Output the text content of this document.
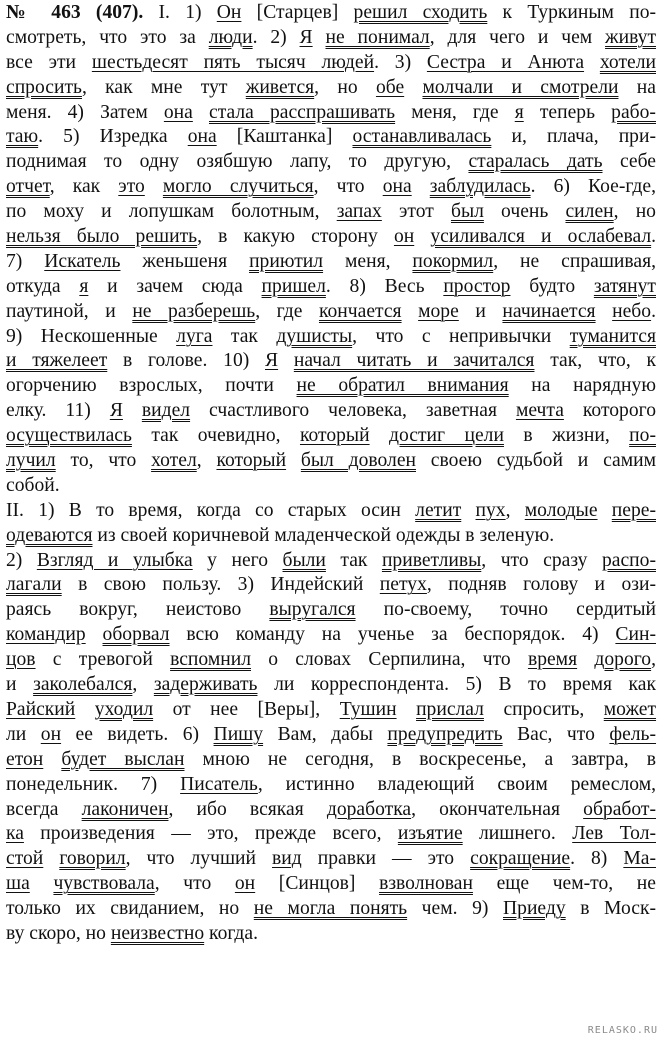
№ 463 (407). I. 1) Он [Старцев] решил сходить к Туркиным по-
смотреть, что это за люди. 2) Я не понимал, для чего и чем живут
все эти шестьдесят пять тысяч людей. 3) Сестра и Анюта хотели
спросить, как мне тут живется, но обе молчали и смотрели на
меня. 4) Затем она стала расспрашивать меня, где я теперь рабо-
таю. 5) Изредка она [Каштанка] останавливалась и, плача, при-
поднимая то одну озябшую лапу, то другую, старалась дать себе
отчет, как это могло случиться, что она заблудилась. 6) Кое-где,
по моху и лопушкам болотным, запах этот был очень силен, но
нельзя было решить, в какую сторону он усиливался и ослабевал.
7) Искатель женьшеня приютил меня, покормил, не спрашивая,
откуда я и зачем сюда пришел. 8) Весь простор будто затянут
паутиной, и не разберешь, где кончается море и начинается небо.
9) Нескошенные луга так душисты, что с непривычки туманится
и тяжелеет в голове. 10) Я начал читать и зачитался так, что, к
огорчению взрослых, почти не обратил внимания на нарядную
елку. 11) Я видел счастливого человека, заветная мечта которого
осуществилась так очевидно, который достиг цели в жизни, по-
лучил то, что хотел, который был доволен своею судьбой и самим
собой.
II. 1) В то время, когда со старых осин летит пух, молодые пере-
одеваются из своей коричневой младенческой одежды в зеленую.
2) Взгляд и улыбка у него были так приветливы, что сразу распо-
лагали в свою пользу. 3) Индейский петух, подняв голову и ози-
раясь вокруг, неистово выругался по-своему, точно сердитый
командир оборвал всю команду на ученье за беспорядок. 4) Син-
цов с тревогой вспомнил о словах Серпилина, что время дорого,
и заколебался, задерживать ли корреспондента. 5) В то время как
Райский уходил от нее [Веры], Тушин прислал спросить, может
ли он ее видеть. 6) Пишу Вам, дабы предупредить Вас, что фель-
етон будет выслан мною не сегодня, в воскресенье, а завтра, в
понедельник. 7) Писатель, истинно владеющий своим ремеслом,
всегда лаконичен, ибо всякая доработка, окончательная обработ-
ка произведения — это, прежде всего, изъятие лишнего. Лев Тол-
стой говорил, что лучший вид правки — это сокращение. 8) Ма-
ша чувствовала, что он [Синцов] взволнован еще чем-то, не
только их свиданием, но не могла понять чем. 9) Приеду в Моск-
ву скоро, но неизвестно когда.
RELASKO.RU
